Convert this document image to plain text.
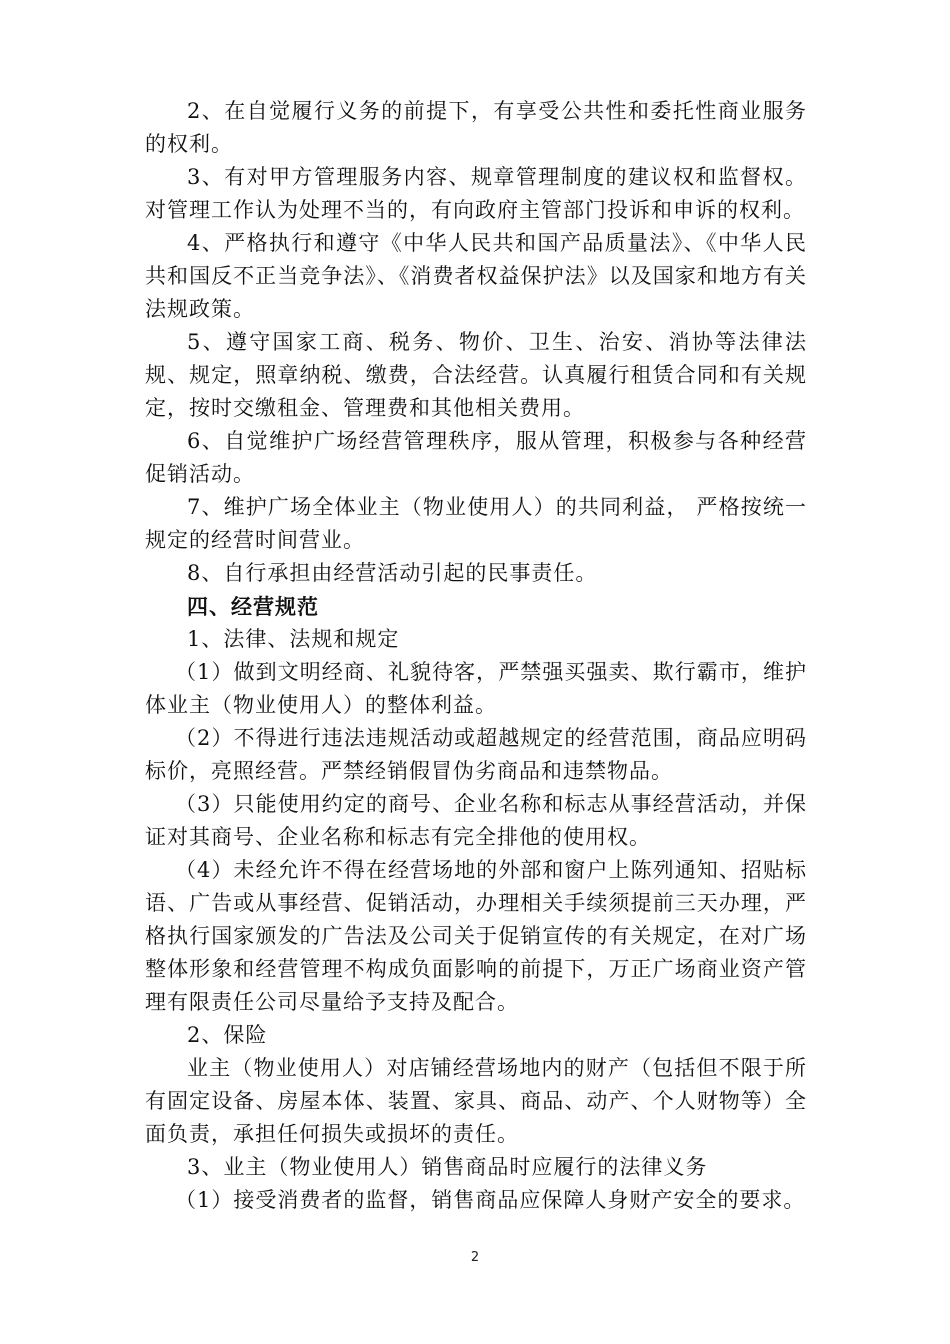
2、在自觉履行义务的前提下，有享受公共性和委托性商业服务的权利。

3、有对甲方管理服务内容、规章管理制度的建议权和监督权。对管理工作认为处理不当的，有向政府主管部门投诉和申诉的权利。

4、严格执行和遵守《中华人民共和国产品质量法》、《中华人民共和国反不正当竞争法》、《消费者权益保护法》以及国家和地方有关法规政策。

5、遵守国家工商、税务、物价、卫生、治安、消协等法律法规、规定，照章纳税、缴费，合法经营。认真履行租赁合同和有关规定，按时交缴租金、管理费和其他相关费用。

6、自觉维护广场经营管理秩序，服从管理，积极参与各种经营促销活动。

7、维护广场全体业主（物业使用人）的共同利益， 严格按统一规定的经营时间营业。

8、自行承担由经营活动引起的民事责任。

四、经营规范

1、法律、法规和规定

（1）做到文明经商、礼貌待客，严禁强买强卖、欺行霸市，维护体业主（物业使用人）的整体利益。

（2）不得进行违法违规活动或超越规定的经营范围，商品应明码标价，亮照经营。严禁经销假冒伪劣商品和违禁物品。

（3）只能使用约定的商号、企业名称和标志从事经营活动，并保证对其商号、企业名称和标志有完全排他的使用权。

（4）未经允许不得在经营场地的外部和窗户上陈列通知、招贴标语、广告或从事经营、促销活动，办理相关手续须提前三天办理，严格执行国家颁发的广告法及公司关于促销宣传的有关规定，在对广场整体形象和经营管理不构成负面影响的前提下，万正广场商业资产管理有限责任公司尽量给予支持及配合。

2、保险

业主（物业使用人）对店铺经营场地内的财产（包括但不限于所有固定设备、房屋本体、装置、家具、商品、动产、个人财物等）全面负责，承担任何损失或损坏的责任。

3、业主（物业使用人）销售商品时应履行的法律义务

（1）接受消费者的监督，销售商品应保障人身财产安全的要求。

2
